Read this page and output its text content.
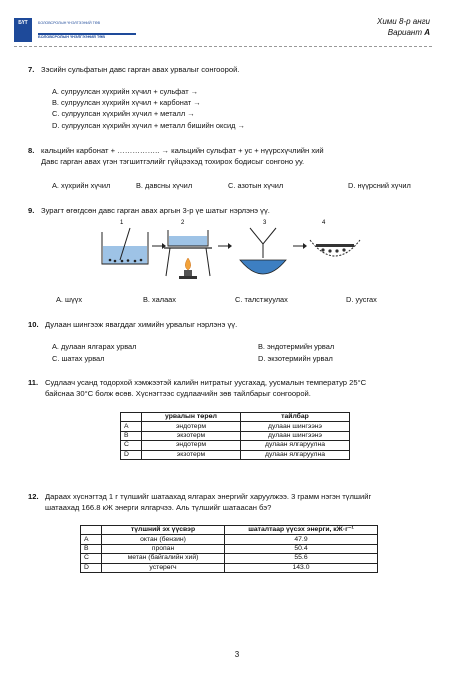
БҮТ	БОЛОВСРОЛЫН ҮНЭЛГЭЭНИЙ ТӨВ
БОЛОВСРОЛЫН ҮНЭЛГЭЭНИЙ ТӨВ
Хими 8-р анги
Вариант A
7. Зэсийн сульфатын давс гарган авах урвалыг сонгоорой.
A. сулруулсан хүхрийн хүчил + сульфат →
B. сулруулсан хүхрийн хүчил + карбонат →
C. сулруулсан хүхрийн хүчил + металл →
D. сулруулсан хүхрийн хүчил + металл бишийн оксид →
8. кальцийн карбонат + …………….. → кальцийн сульфат + ус + нүүрсхүчлийн хий
Давс гарган авах үгэн тэгшитгэлийг гүйцээхэд тохирох бодисыг сонгоно уу.
A. хүхрийн хүчил	B. давсны хүчил	C. азотын хүчил	D. нүүрсний хүчил
9. Зурагт өгөгдсөн давс гарган авах аргын 3-р үе шатыг нэрлэнэ үү.
1	2	3	4
A. шүүх	B. халаах	C. талстжуулах	D. уусгах
10. Дулаан шингээж явагддаг химийн урвалыг нэрлэнэ үү.
A. дулаан ялгарах урвал	B. эндотермийн урвал
C. шатах урвал	D. экзотермийн урвал
11. Судлаач усанд тодорхой хэмжээтэй калийн нитратыг уусгахад, уусмалын температур 25°C
байснаа 30°C болж өсөв. Хүснэгтээс судлаачийн зөв тайлбарыг сонгоорой.
	урвалын төрөл	тайлбар
A	эндотерм	дулаан шингээнэ
B	экзотерм	дулаан шингээнэ
C	эндотерм	дулаан ялгаруулна
D	экзотерм	дулаан ялгаруулна
12. Дараах хүснэгтэд 1 г түлшийг шатаахад ялгарах энергийг харуулжээ. 3 грамм нэгэн түлшийг
шатаахад 166.8 кЖ энерги ялгарчээ. Аль түлшийг шатаасан бэ?
	түлшний эх үүсвэр	шаталтаар үүсэх энерги, кЖ·г⁻¹
A	октан (бензин)	47.9
B	пропан	50.4
C	метан (байгалийн хий)	55.6
D	устөрөгч	143.0
3
